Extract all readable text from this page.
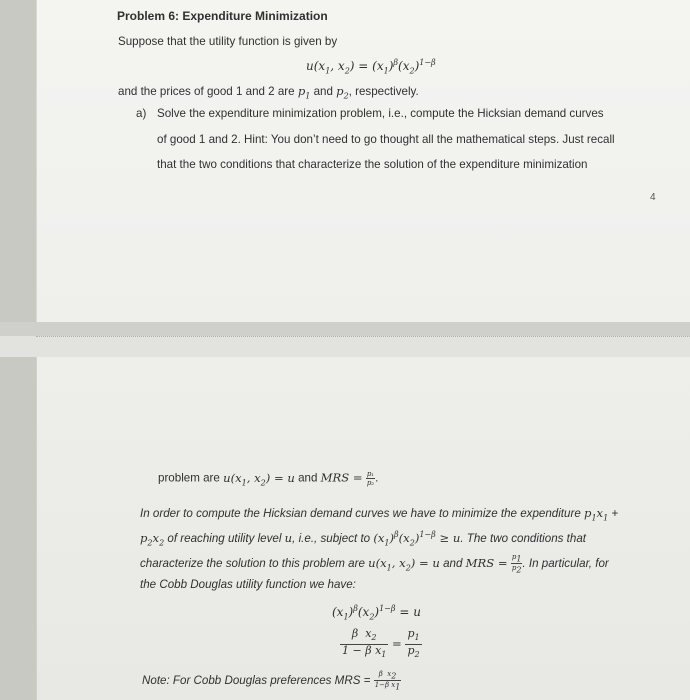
Problem 6: Expenditure Minimization
Suppose that the utility function is given by
$u(x_1$, $x_2) = (x_1)^\beta(x_2)^{1-\beta}$
and the prices of good 1 and 2 are $p_1$ and $p_2$, respectively.
a) Solve the expenditure minimization problem, i.e., compute the Hicksian demand curves
of good 1 and 2. Hint: You don’t need to go thought all the mathematical steps. Just recall
that the two conditions that characterize the solution of the expenditure minimization
4
problem are $u(x_1$, $x_2) = u$ and MRS = $\frac{\text{p₁}}{\text{p₂}}$ .
In order to compute the Hicksian demand curves we have to minimize the expenditure $p_1x_1$ +
$p_2x_2$ of reaching utility level u, i.e., subject to $(x_1)^\beta(x_2)^{1-\beta} \ge u$. The two conditions that
characterize the solution to this problem are $u(x_1$, $x_2) = u$ and MRS = $\frac{p_1}{p_2}$ . In particular, for
the Cobb Douglas utility function we have:
$(x_1)^\beta(x_2)^{1-\beta} = u$
$\frac{\beta x_2}{1 - \beta x_1} = \frac{p_1}{p_2}$
Note: For Cobb Douglas preferences MRS = $\frac{\beta x_2}{1-\beta x_1}$
